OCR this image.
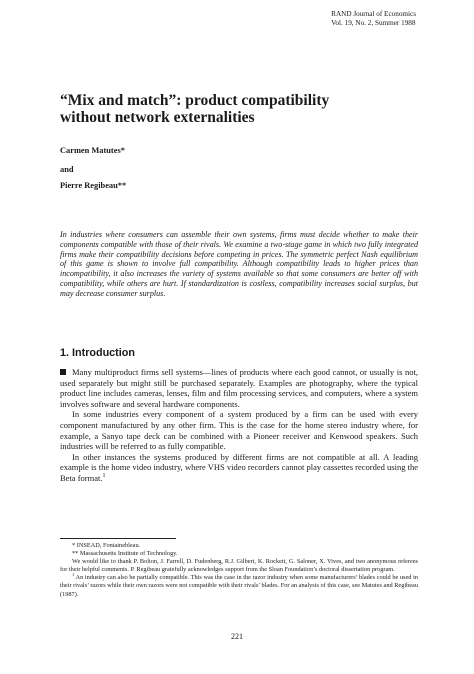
RAND Journal of Economics
Vol. 19, No. 2, Summer 1988
“Mix and match”: product compatibility
without network externalities
Carmen Matutes*
and
Pierre Regibeau**
In industries where consumers can assemble their own systems, firms must decide whether to make their components compatible with those of their rivals. We examine a two-stage game in which two fully integrated firms make their compatibility decisions before competing in prices. The symmetric perfect Nash equilibrium of this game is shown to involve full compatibility. Although compatibility leads to higher prices than incompatibility, it also increases the variety of systems available so that some consumers are better off with compatibility, while others are hurt. If standardization is costless, compatibility increases social surplus, but may decrease consumer surplus.
1. Introduction

Many multiproduct firms sell systems—lines of products where each good cannot, or usually is not, used separately but might still be purchased separately. Examples are photography, where the typical product line includes cameras, lenses, film and film processing services, and computers, where a system involves software and several hardware components.

In some industries every component of a system produced by a firm can be used with every component manufactured by any other firm. This is the case for the home stereo industry where, for example, a Sanyo tape deck can be combined with a Pioneer receiver and Kenwood speakers. Such industries will be referred to as fully compatible.

In other instances the systems produced by different firms are not compatible at all. A leading example is the home video industry, where VHS video recorders cannot play cassettes recorded using the Beta format.$^1$

* INSEAD, Fontainebleau.

** Massachusetts Institute of Technology.

We would like to thank P. Bolton, J. Farrell, D. Fudenberg, R.J. Gilbert, K. Rockett, G. Saloner, X. Vives, and two anonymous referees for their helpful comments. P. Regibeau gratefully acknowledges support from the Sloan Foundation’s doctoral dissertation program.

$^1$ An industry can also be partially compatible. This was the case in the razor industry when some manufacturers’ blades could be used in their rivals’ razors while their own razors were not compatible with their rivals’ blades. For an analysis of this case, see Matutes and Regibeau (1987).

221
